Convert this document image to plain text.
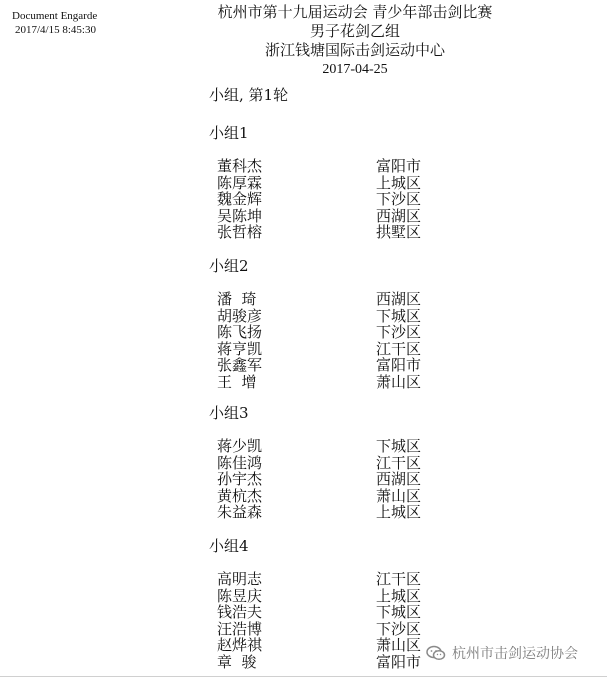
Document Engarde
2017/4/15 8:45:30
杭州市第十九届运动会 青少年部击剑比赛
男子花剑乙组
浙江钱塘国际击剑运动中心
2017-04-25
小组, 第1轮
小组1
董科杰	富阳市
陈厚霖	上城区
魏金辉	下沙区
吴陈坤	西湖区
张哲榕	拱墅区
小组2
潘  琦	西湖区
胡骏彦	下城区
陈飞扬	下沙区
蒋亨凯	江干区
张鑫军	富阳市
王  增	萧山区
小组3
蒋少凯	下城区
陈佳鸿	江干区
孙宇杰	西湖区
黄杭杰	萧山区
朱益森	上城区
小组4
高明志	江干区
陈昱庆	上城区
钱浩夫	下城区
汪浩博	下沙区
赵烨祺	萧山区
章  骏	富阳市 杭州市击剑运动协会
